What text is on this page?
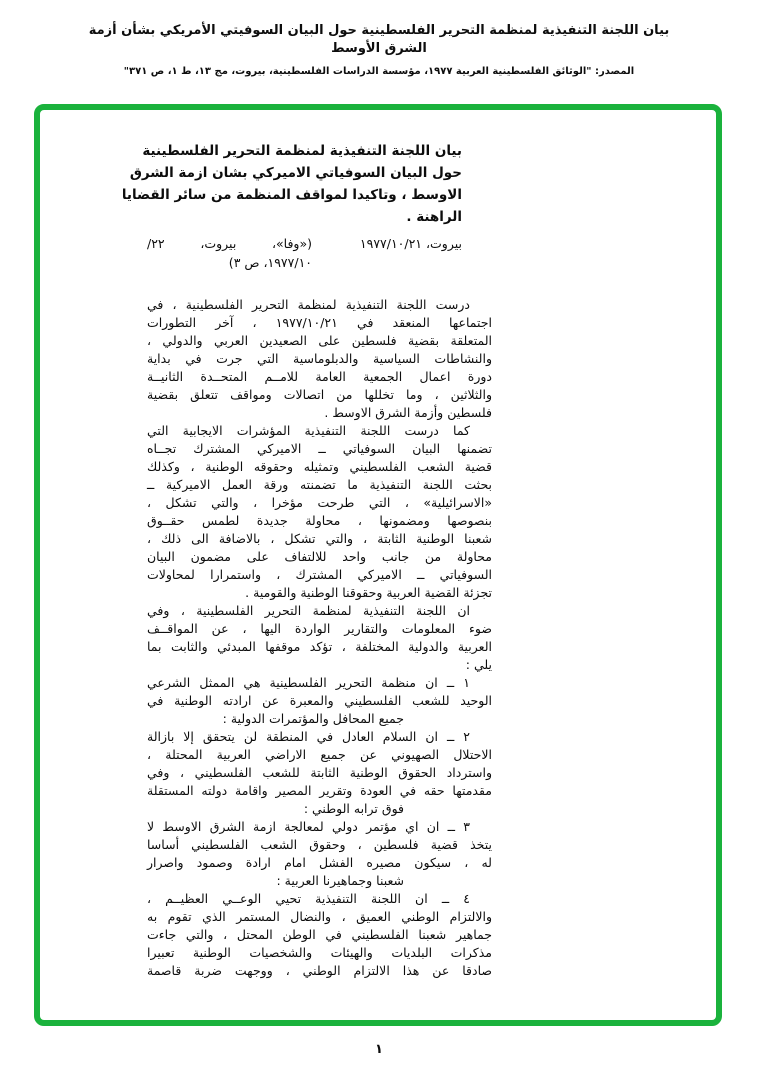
بيان اللجنة التنفيذية لمنظمة التحرير الفلسطينية حول البيان السوفيتي الأمريكي بشأن أزمة الشرق الأوسط
المصدر: "الوثائق الفلسطينية العربية ١٩٧٧، مؤسسة الدراسات الفلسطينية، بيروت، مج ١٣، ط ١، ص ٣٧١"
بيان اللجنة التنفيذية لمنظمة التحرير الفلسطينية
حول البيان السوفياتي الاميركي بشان ازمة الشرق
الاوسط ، وتاكيدا لمواقف المنظمة من سائر القضايا
الراهنة .
بيروت، ١٩٧٧/١٠/٢١
(«وفا»، بيروت، ٢٢/
١٩٧٧/١٠، ص ٣)
درست اللجنة التنفيذية لمنظمة التحرير الفلسطينية ، في
اجتماعها المنعقد في ١٩٧٧/١٠/٢١ ، آخر التطورات
المتعلقة بقضية فلسطين على الصعيدين العربي والدولي ،
والنشاطات السياسية والدبلوماسية التي جرت في بداية
دورة اعمال الجمعية العامة للامــم المتحــدة الثانيــة
والثلاثين ، وما تخللها من اتصالات ومواقف تتعلق بقضية
فلسطين وأزمة الشرق الاوسط .
كما درست اللجنة التنفيذية المؤشرات الايجابية التي
تضمنها البيان السوفياتي ــ الاميركي المشترك تجــاه
قضية الشعب الفلسطيني وتمثيله وحقوقه الوطنية ، وكذلك
بحثت اللجنة التنفيذية ما تضمنته ورقة العمل الاميركية ــ
«الاسرائيلية» ، التي طرحت مؤخرا ، والتي تشكل ،
بنصوصها ومضمونها ، محاولة جديدة لطمس حقــوق
شعبنا الوطنية الثابتة ، والتي تشكل ، بالاضافة الى ذلك ،
محاولة من جانب واحد للالتفاف على مضمون البيان
السوفياتي ــ الاميركي المشترك ، واستمرارا لمحاولات
تجزئة القضية العربية وحقوقنا الوطنية والقومية .
ان اللجنة التنفيذية لمنظمة التحرير الفلسطينية ، وفي
ضوء المعلومات والتقارير الواردة اليها ، عن المواقــف
العربية والدولية المختلفة ، تؤكد موقفها المبدئي والثابت بما
يلي :
١ ــ ان منظمة التحرير الفلسطينية هي الممثل الشرعي
الوحيد للشعب الفلسطيني والمعبرة عن ارادته الوطنية في
جميع المحافل والمؤتمرات الدولية :
٢ ــ ان السلام العادل في المنطقة لن يتحقق إلا بازالة
الاحتلال الصهيوني عن جميع الاراضي العربية المحتلة ،
واسترداد الحقوق الوطنية الثابتة للشعب الفلسطيني ، وفي
مقدمتها حقه في العودة وتقرير المصير واقامة دولته المستقلة
فوق ترابه الوطني :
٣ ــ ان اي مؤتمر دولي لمعالجة ازمة الشرق الاوسط لا
يتخذ قضية فلسطين ، وحقوق الشعب الفلسطيني أساسا
له ، سيكون مصيره الفشل امام ارادة وصمود واصرار
شعبنا وجماهيرنا العربية :
٤ ــ ان اللجنة التنفيذية تحيي الوعــي العظيــم ،
والالتزام الوطني العميق ، والنضال المستمر الذي تقوم به
جماهير شعبنا الفلسطيني في الوطن المحتل ، والتي جاءت
مذكرات البلديات والهيئات والشخصيات الوطنية تعبيرا
صادقا عن هذا الالتزام الوطني ، ووجهت ضربة قاصمة
١
